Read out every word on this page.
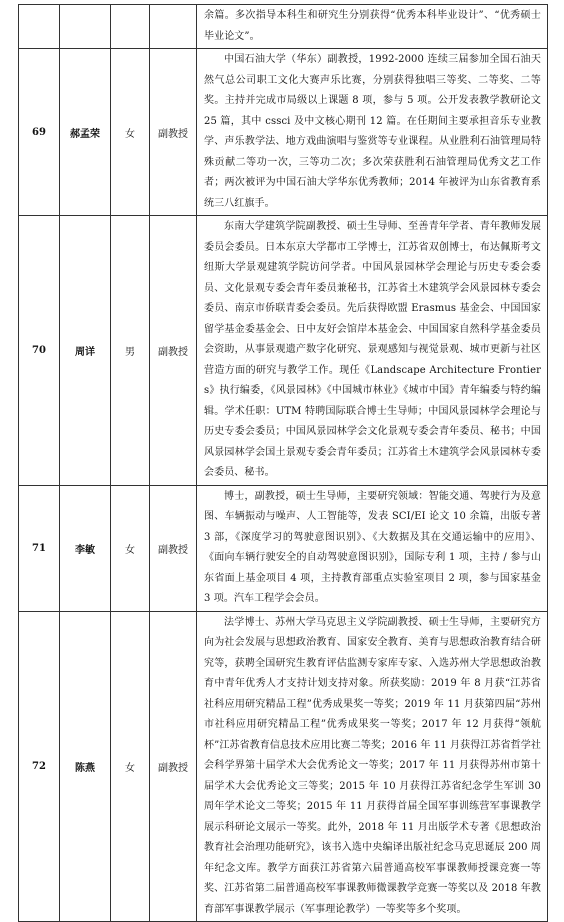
				余篇。多次指导本科生和研究生分别获得“优秀本科毕业设计”、“优秀硕士毕业论文”。
69	郝孟荣	女	副教授	中国石油大学（华东）副教授，1992-2000 连续三届参加全国石油天然气总公司职工文化大赛声乐比赛，分别获得独唱三等奖、二等奖、二等奖。主持并完成市局级以上课题 8 项，参与 5 项。公开发表教学教研论文 25 篇，其中 cssci 及中文核心期刊 12 篇。在任期间主要承担音乐专业教学、声乐教学法、地方戏曲演唱与鉴赏等专业课程。从业胜利石油管理局特殊贡献二等功一次，三等功二次；多次荣获胜利石油管理局优秀文艺工作者；两次被评为中国石油大学华东优秀教师；2014 年被评为山东省教育系统三八红旗手。
70	周详	男	副教授	东南大学建筑学院副教授、硕士生导师、至善青年学者、青年教师发展委员会委员。日本东京大学都市工学博士，江苏省双创博士，布达佩斯考文纽斯大学景观建筑学院访问学者。中国风景园林学会理论与历史专委会委员、文化景观专委会青年委员兼秘书，江苏省土木建筑学会风景园林专委会委员、南京市侨联青委会委员。先后获得欧盟 Erasmus 基金会、中国国家留学基金委基金会、日中友好会馆岸本基金会、中国国家自然科学基金委员会资助，从事景观遗产数字化研究、景观感知与视觉景观、城市更新与社区营造方面的研究与教学工作。现任《Landscape Architecture Frontiers》执行编委，《风景园林》《中国城市林业》《城市中国》青年编委与特约编辑。学术任职：UTM 特聘国际联合博士生导师；中国风景园林学会理论与历史专委会委员；中国风景园林学会文化景观专委会青年委员、秘书；中国风景园林学会国土景观专委会青年委员；江苏省土木建筑学会风景园林专委会委员、秘书。
71	李敏	女	副教授	博士，副教授，硕士生导师，主要研究领域：智能交通、驾驶行为及意图、车辆振动与噪声、人工智能等，发表 SCI/EI 论文 10 余篇，出版专著 3 部，《深度学习的驾驶意图识别》、《大数据及其在交通运输中的应用》、《面向车辆行驶安全的自动驾驶意图识别》，国际专利 1 项，主持 / 参与山东省面上基金项目 4 项，主持教育部重点实验室项目 2 项，参与国家基金 3 项。汽车工程学会会员。
72	陈燕	女	副教授	法学博士、苏州大学马克思主义学院副教授、硕士生导师，主要研究方向为社会发展与思想政治教育、国家安全教育、美育与思想政治教育结合研究等，获聘全国研究生教育评估监测专家库专家、入选苏州大学思想政治教育中青年优秀人才支持计划支持对象。所获奖励：2019 年 8 月获“江苏省社科应用研究精品工程”优秀成果奖一等奖；2019 年 11 月获第四届“苏州市社科应用研究精品工程”优秀成果奖一等奖；2017 年 12 月获得“领航杯”江苏省教育信息技术应用比赛二等奖；2016 年 11 月获得江苏省哲学社会科学界第十届学术大会优秀论文一等奖；2017 年 11 月获得苏州市第十届学术大会优秀论文三等奖；2015 年 10 月获得江苏省纪念学生军训 30 周年学术论文二等奖；2015 年 11 月获得首届全国军事训练营军事课教学展示科研论文展示一等奖。此外，2018 年 11 月出版学术专著《思想政治教育社会治理功能研究》，该书入选中央编译出版社纪念马克思诞辰 200 周年纪念文库。教学方面获江苏省第六届普通高校军事课教师授课竞赛一等奖、江苏省第二届普通高校军事课教师微课教学竞赛一等奖以及 2018 年教育部军事课教学展示（军事理论教学）一等奖等多个奖项。
